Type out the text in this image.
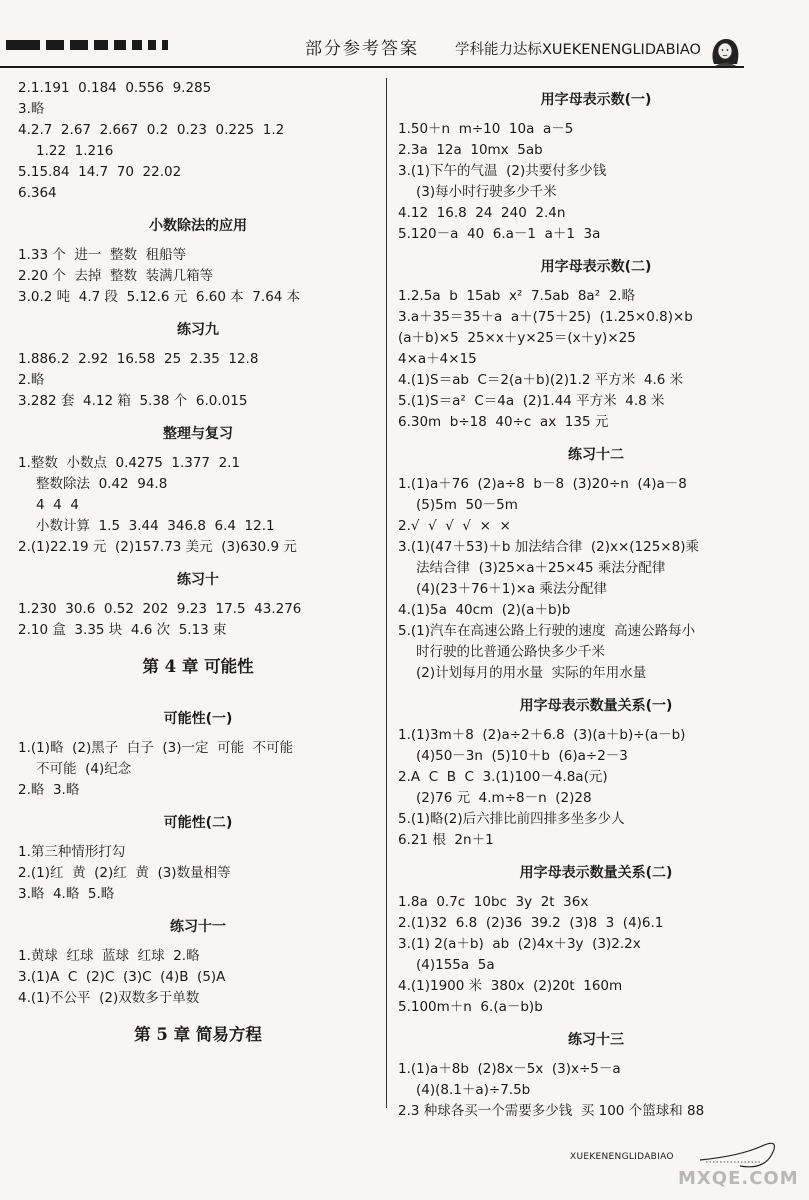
部分参考答案 学科能力达标XUEKENENGLIDABIAO
2.1.191  0.184  0.556  9.285
3.略
4.2.7  2.67  2.667  0.2  0.23  0.225  1.2
1.22  1.216
5.15.84  14.7  70  22.02
6.364
小数除法的应用
1.33 个  进一  整数  租船等
2.20 个  去掉  整数  装满几箱等
3.0.2 吨  4.7 段  5.12.6 元  6.60 本  7.64 本
练习九
1.886.2  2.92  16.58  25  2.35  12.8
2.略
3.282 套  4.12 箱  5.38 个  6.0.015
整理与复习
1.整数  小数点  0.4275  1.377  2.1
整数除法  0.42  94.8
4  4  4
小数计算  1.5  3.44  346.8  6.4  12.1
2.(1)22.19 元  (2)157.73 美元  (3)630.9 元
练习十
1.230  30.6  0.52  202  9.23  17.5  43.276
2.10 盒  3.35 块  4.6 次  5.13 束
第 4 章 可能性
可能性(一)
1.(1)略  (2)黑子  白子  (3)一定  可能  不可能
不可能  (4)纪念
2.略  3.略
可能性(二)
1.第三种情形打勾
2.(1)红  黄  (2)红  黄  (3)数量相等
3.略  4.略  5.略
练习十一
1.黄球  红球  蓝球  红球  2.略
3.(1)A  C  (2)C  (3)C  (4)B  (5)A
4.(1)不公平  (2)双数多于单数
第 5 章 简易方程
用字母表示数(一)
1.50＋n  m÷10  10a  a－5
2.3a  12a  10mx  5ab
3.(1)下午的气温  (2)共要付多少钱
(3)每小时行驶多少千米
4.12  16.8  24  240  2.4n
5.120－a  40  6.a－1  a＋1  3a
用字母表示数(二)
1.2.5a  b  15ab  x²  7.5ab  8a²  2.略
3.a＋35＝35＋a  a＋(75＋25)  (1.25×0.8)×b
(a＋b)×5  25×x＋y×25＝(x＋y)×25
4×a＋4×15
4.(1)S＝ab  C＝2(a＋b)(2)1.2 平方米  4.6 米
5.(1)S＝a²  C＝4a  (2)1.44 平方米  4.8 米
6.30m  b÷18  40÷c  ax  135 元
练习十二
1.(1)a＋76  (2)a÷8  b－8  (3)20÷n  (4)a－8
(5)5m  50－5m
2.√  √  √  √  ×  ×
3.(1)(47＋53)＋b 加法结合律  (2)x×(125×8)乘
法结合律  (3)25×a＋25×45 乘法分配律
(4)(23＋76＋1)×a 乘法分配律
4.(1)5a  40cm  (2)(a＋b)b
5.(1)汽车在高速公路上行驶的速度  高速公路每小
时行驶的比普通公路快多少千米
(2)计划每月的用水量  实际的年用水量
用字母表示数量关系(一)
1.(1)3m＋8  (2)a÷2＋6.8  (3)(a＋b)÷(a－b)
(4)50－3n  (5)10＋b  (6)a÷2－3
2.A  C  B  C  3.(1)100－4.8a(元)
(2)76 元  4.m÷8－n  (2)28
5.(1)略(2)后六排比前四排多坐多少人
6.21 根  2n＋1
用字母表示数量关系(二)
1.8a  0.7c  10bc  3y  2t  36x
2.(1)32  6.8  (2)36  39.2  (3)8  3  (4)6.1
3.(1) 2(a＋b)  ab  (2)4x＋3y  (3)2.2x
(4)155a  5a
4.(1)1900 米  380x  (2)20t  160m
5.100m＋n  6.(a－b)b
练习十三
1.(1)a＋8b  (2)8x－5x  (3)x÷5－a
(4)(8.1＋a)÷7.5b
2.3 种球各买一个需要多少钱  买 100 个篮球和 88
XUEKENENGLIDABIAO
MXQE.COM
